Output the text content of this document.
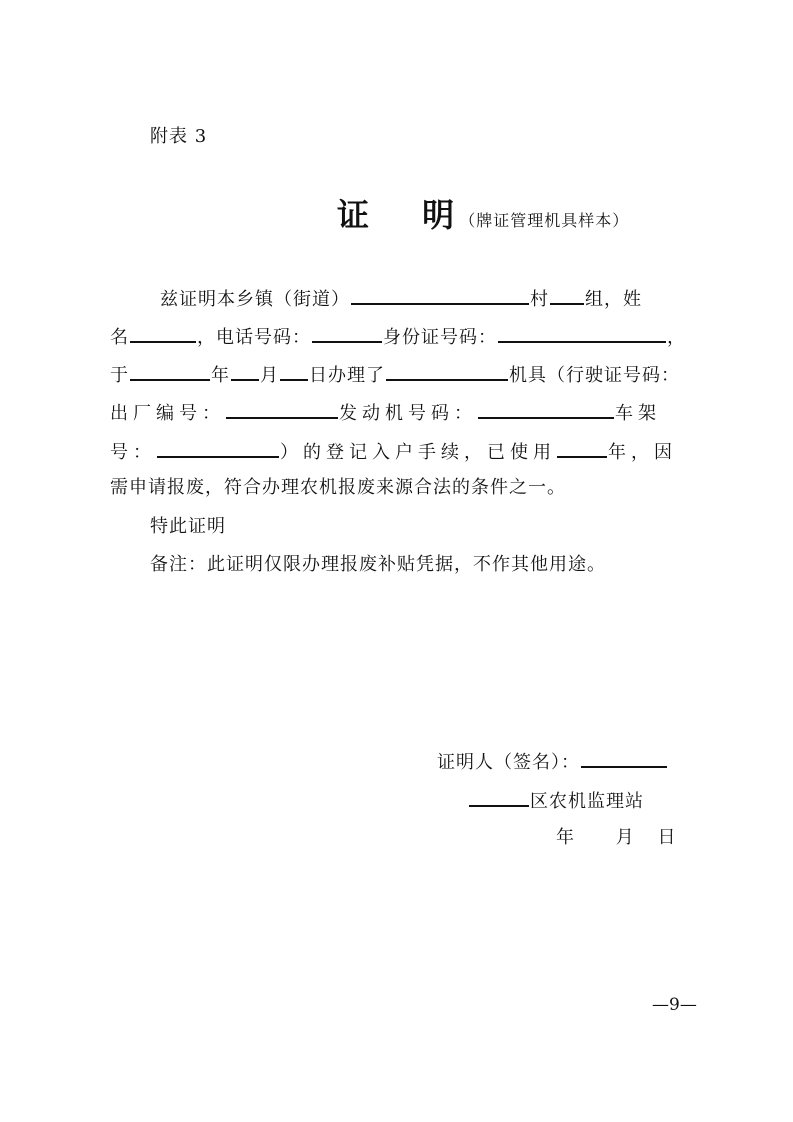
附表 3
证 明 （牌证管理机具样本）
兹证明本乡镇（街道）	村 组，姓
名	，电话号码：	身份证号码：	，
于	年 月 日办理了	机具（行驶证号码：
出厂编号：	发动机号码：	车架
号：	）的登记入户手续，已使用	年，因
需申请报废，符合办理农机报废来源合法的条件之一。
特此证明
备注：此证明仅限办理报废补贴凭据，不作其他用途。
证明人（签名）：
区农机监理站
年 月 日
—9—
